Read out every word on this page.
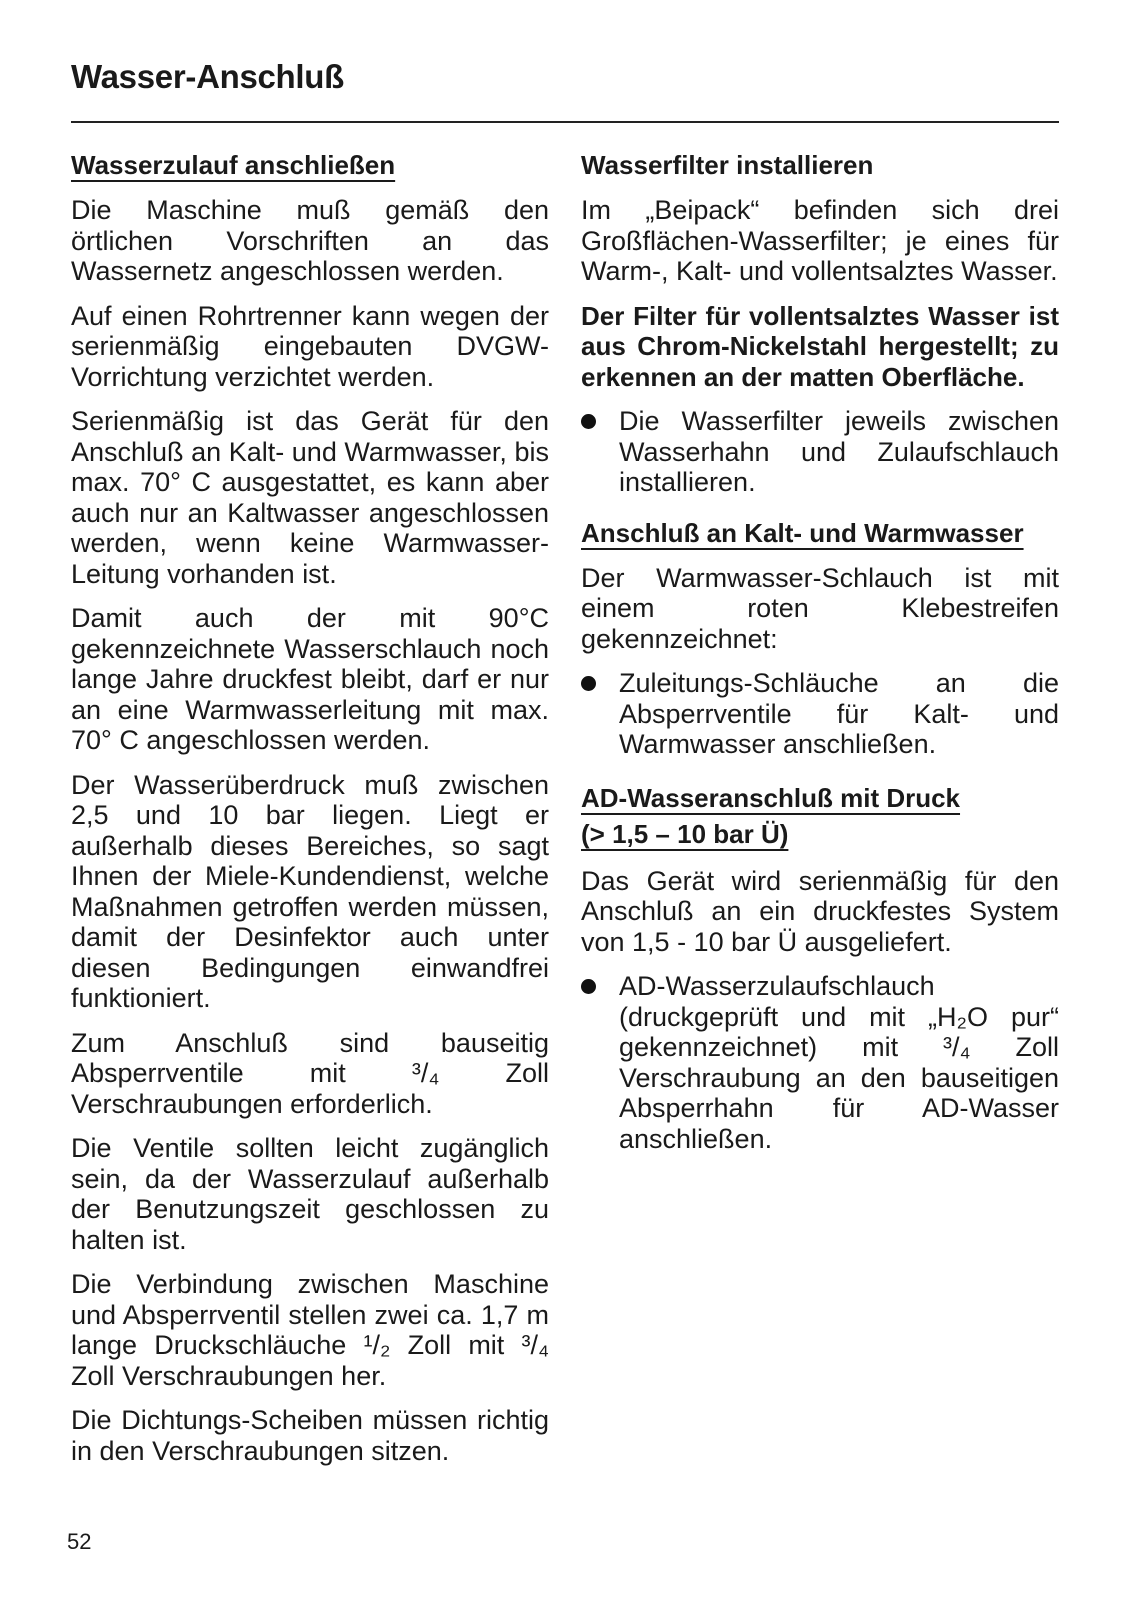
Wasser-Anschluß
Wasserzulauf anschließen

Die Maschine muß gemäß den örtlichen Vorschriften an das Wassernetz angeschlossen werden.

Auf einen Rohrtrenner kann wegen der serienmäßig eingebauten DVGW-Vorrichtung verzichtet werden.

Serienmäßig ist das Gerät für den Anschluß an Kalt- und Warmwasser, bis max. 70° C ausgestattet, es kann aber auch nur an Kaltwasser angeschlossen werden, wenn keine Warmwasser-Leitung vorhanden ist.

Damit auch der mit 90°C gekennzeichnete Wasserschlauch noch lange Jahre druckfest bleibt, darf er nur an eine Warmwasserleitung mit max. 70° C angeschlossen werden.

Der Wasserüberdruck muß zwischen 2,5 und 10 bar liegen. Liegt er außerhalb dieses Bereiches, so sagt Ihnen der Miele-Kundendienst, welche Maßnahmen getroffen werden müssen, damit der Desinfektor auch unter diesen Bedingungen einwandfrei funktioniert.

Zum Anschluß sind bauseitig Absperrventile mit ³/₄ Zoll Verschraubungen erforderlich.

Die Ventile sollten leicht zugänglich sein, da der Wasserzulauf außerhalb der Benutzungszeit geschlossen zu halten ist.

Die Verbindung zwischen Maschine und Absperrventil stellen zwei ca. 1,7 m lange Druckschläuche ¹/₂ Zoll mit ³/₄ Zoll Verschraubungen her.

Die Dichtungs-Scheiben müssen richtig in den Verschraubungen sitzen.

Wasserfilter installieren

Im „Beipack“ befinden sich drei Großflächen-Wasserfilter; je eines für Warm-, Kalt- und vollentsalztes Wasser.

Der Filter für vollentsalztes Wasser ist aus Chrom-Nickelstahl hergestellt; zu erkennen an der matten Oberfläche.

Die Wasserfilter jeweils zwischen Wasserhahn und Zulaufschlauch installieren.

Anschluß an Kalt- und Warmwasser

Der Warmwasser-Schlauch ist mit einem roten Klebestreifen gekennzeichnet:

Zuleitungs-Schläuche an die Absperrventile für Kalt- und Warmwasser anschließen.

AD-Wasseranschluß mit Druck
(> 1,5 – 10 bar Ü)

Das Gerät wird serienmäßig für den Anschluß an ein druckfestes System von 1,5 - 10 bar Ü ausgeliefert.

AD-Wasserzulaufschlauch (druckgeprüft und mit „H₂O pur“ gekennzeichnet) mit ³/₄ Zoll Verschraubung an den bauseitigen Absperrhahn für AD-Wasser anschließen.

52
